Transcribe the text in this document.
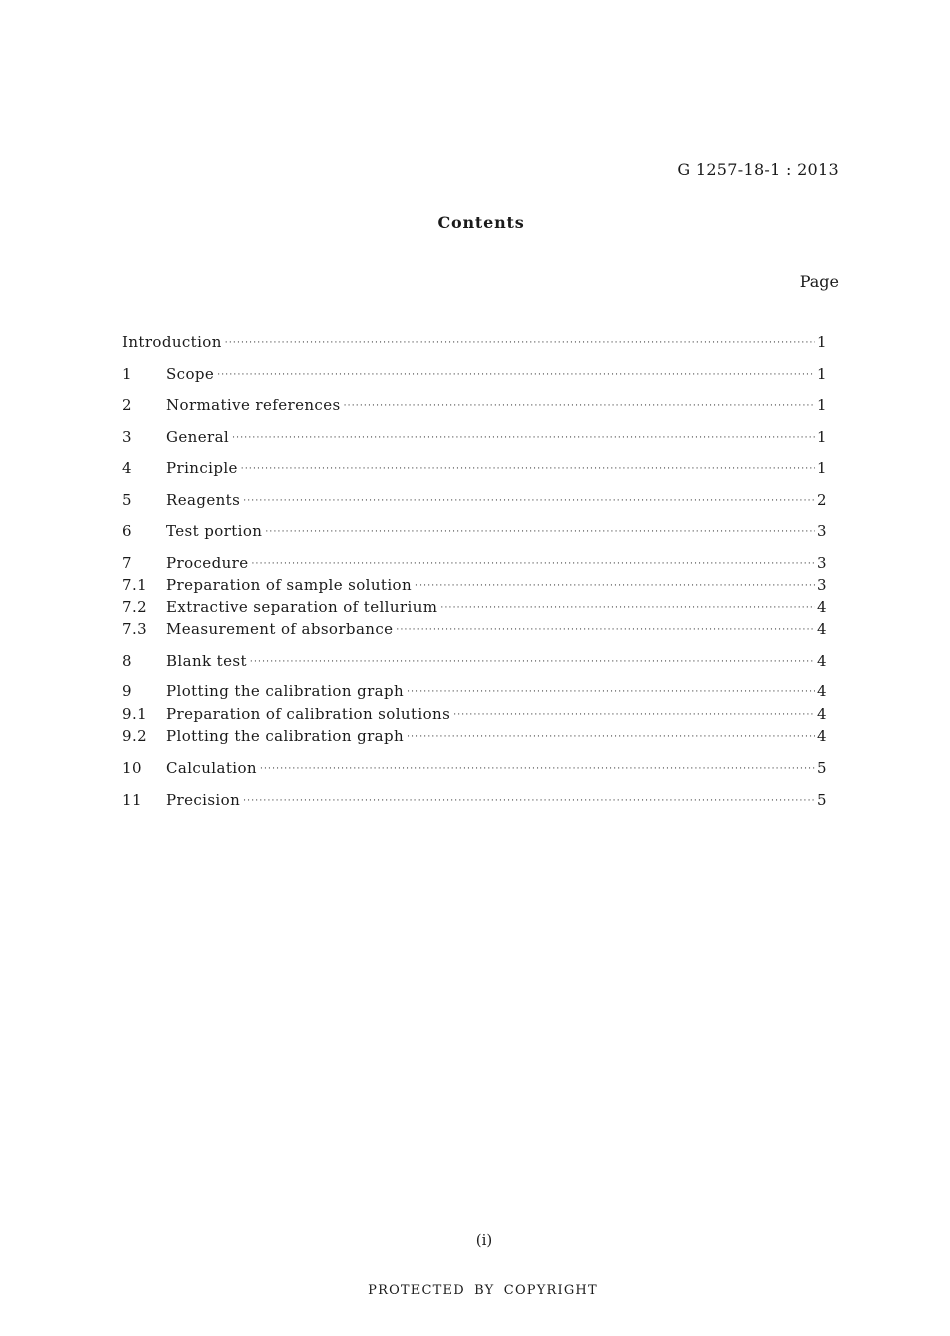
G 1257-18-1 : 2013
Contents
Page
Introduction ·····	1
1	Scope ·····	1
2	Normative references ·····	1
3	General ·····	1
4	Principle ·····	1
5	Reagents ·····	2
6	Test portion ·····	3
7	Procedure ·····	3
7.1	Preparation of sample solution ·····	3
7.2	Extractive separation of tellurium ·····	4
7.3	Measurement of absorbance ·····	4
8	Blank test ·····	4
9	Plotting the calibration graph ·····	4
9.1	Preparation of calibration solutions ·····	4
9.2	Plotting the calibration graph ·····	4
10	Calculation ·····	5
11	Precision ·····	5
(i)
PROTECTED BY COPYRIGHT
